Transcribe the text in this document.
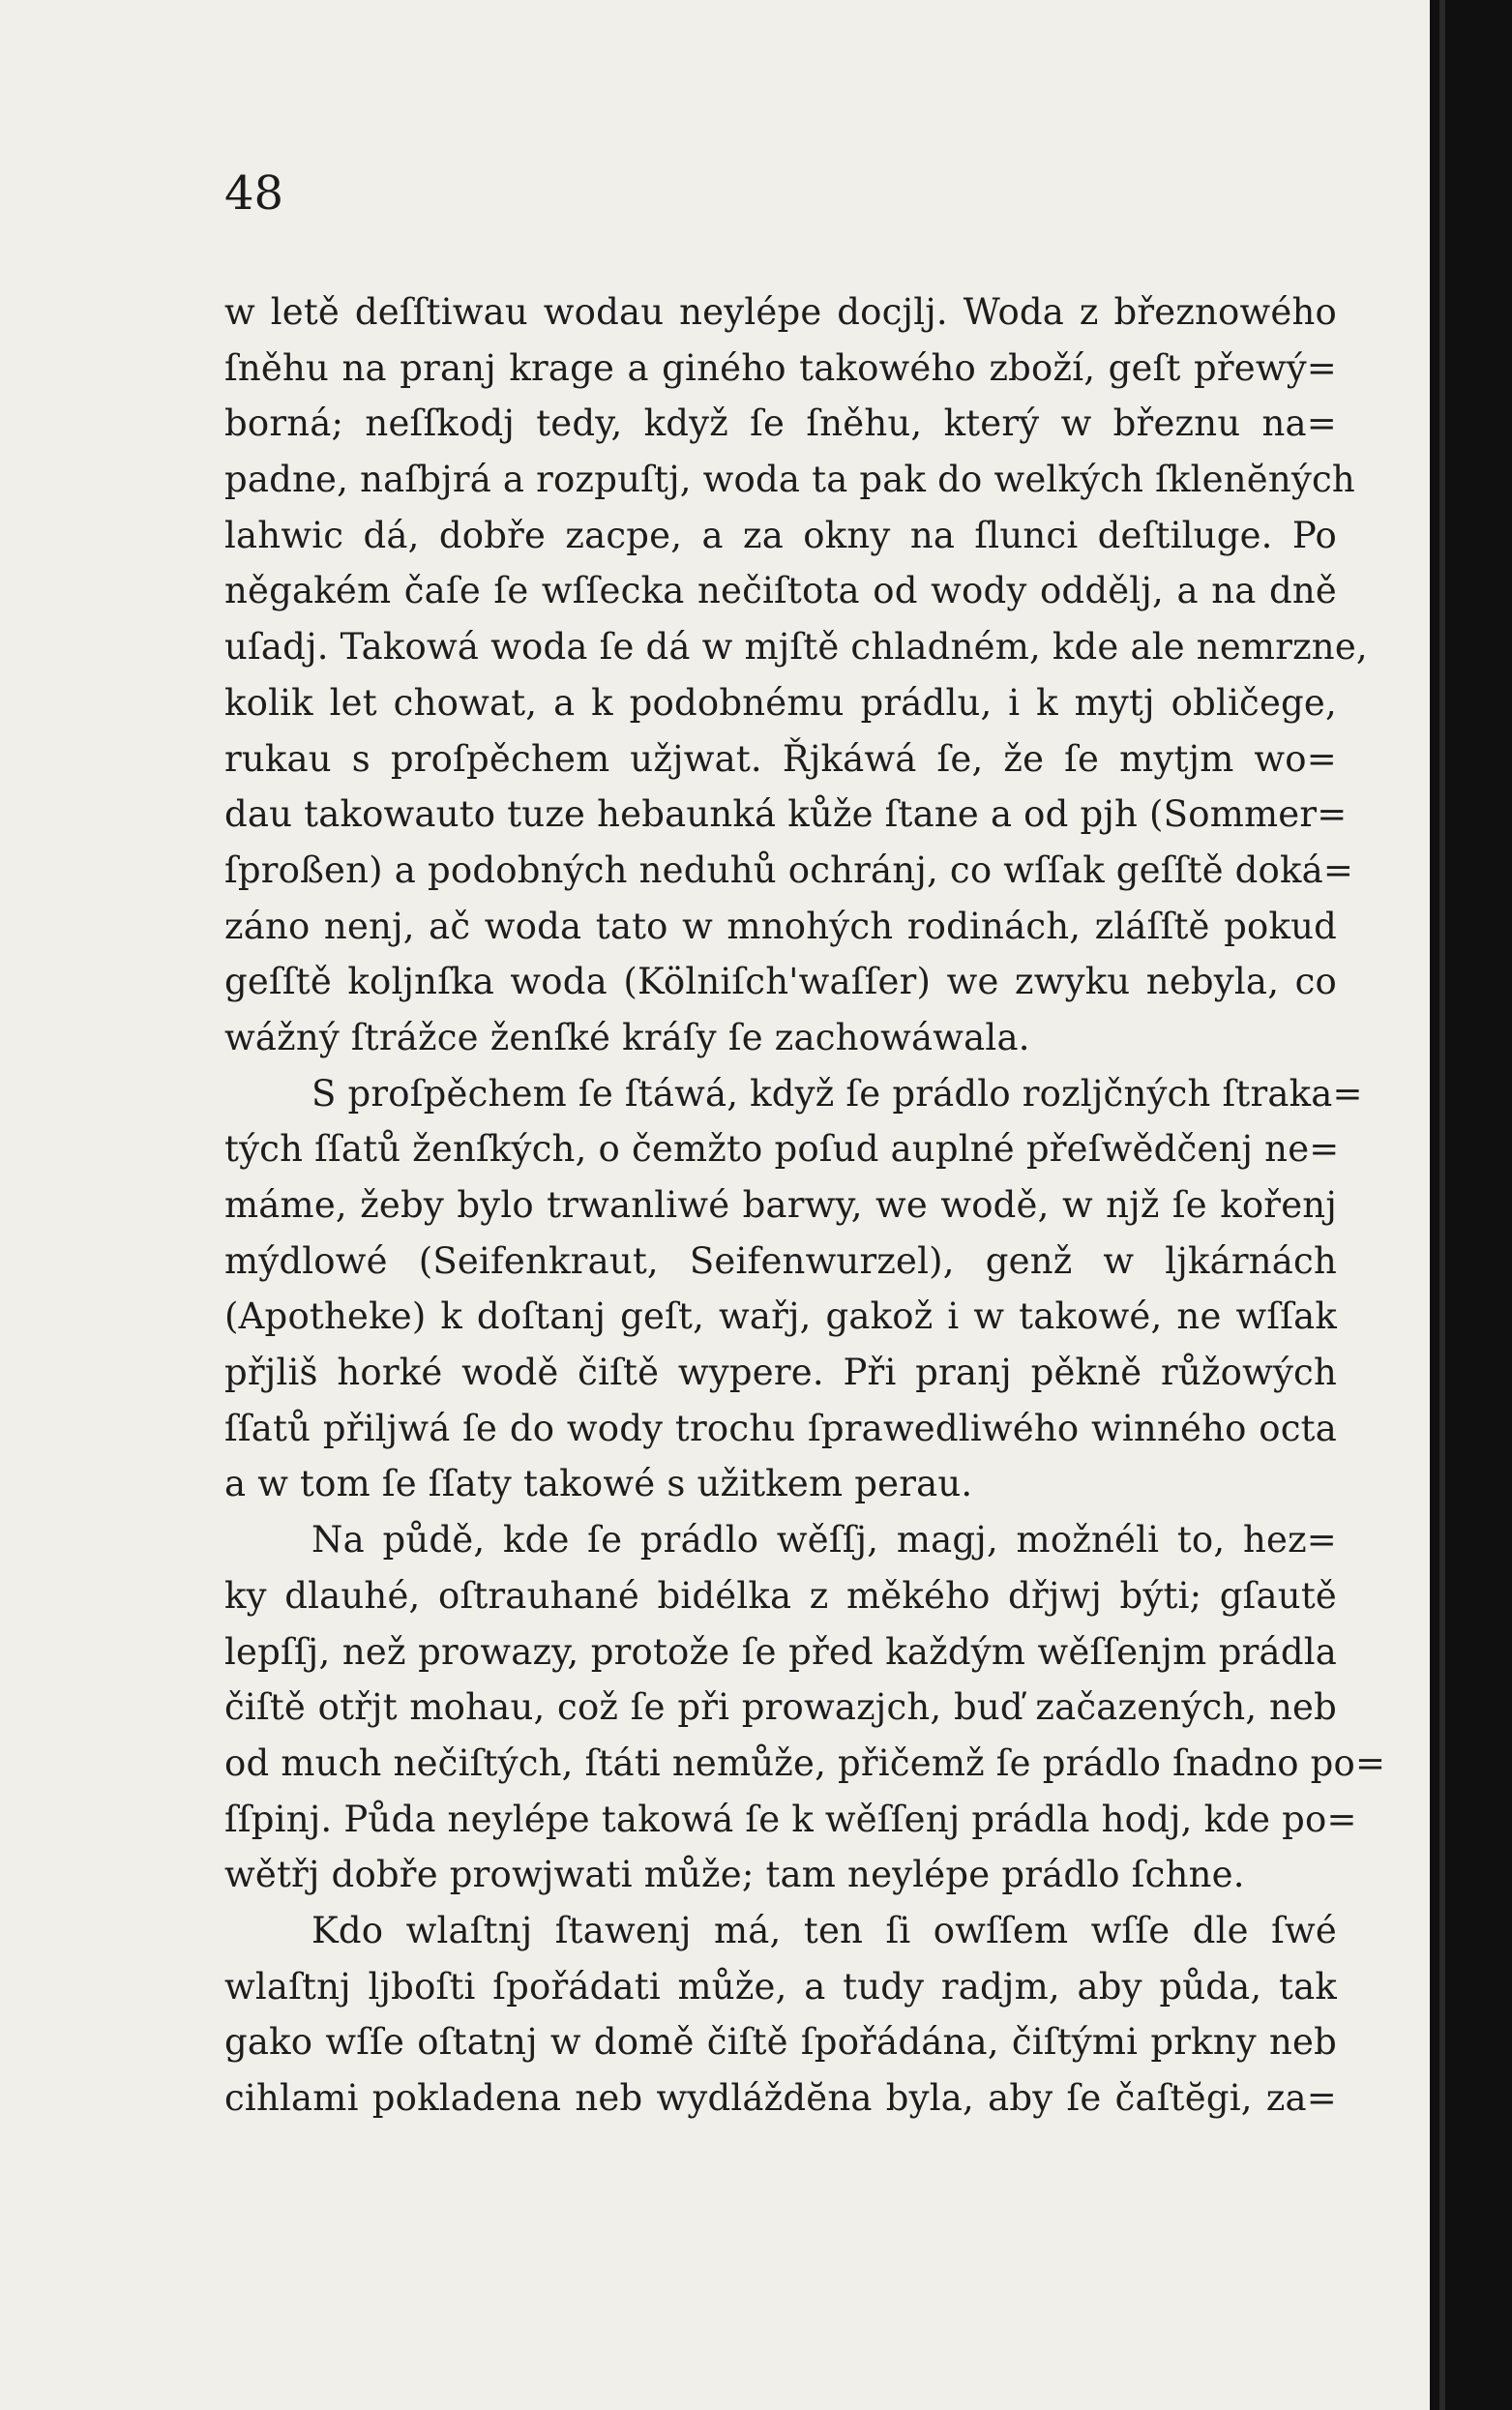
48
w letě deſſtiwau wodau neylépe docjlj. Woda z březnowého
ſněhu na pranj krage a giného takowého zboží, geſt přewý=
borná; neſſkodj tedy, když ſe ſněhu, který w březnu na=
padne, naſbjrá a rozpuſtj, woda ta pak do welkých ſklenĕných
lahwic dá, dobře zacpe, a za okny na ſlunci deſtiluge. Po
něgakém čaſe ſe wſſecka nečiſtota od wody oddělj, a na dně
uſadj. Takowá woda ſe dá w mjſtě chladném, kde ale nemrzne,
kolik let chowat, a k podobnému prádlu, i k mytj obličege,
rukau s proſpěchem užjwat. Řjkáwá ſe, že ſe mytjm wo=
dau takowauto tuze hebaunká kůže ſtane a od pjh (Sommer=
ſproßen) a podobných neduhů ochránj, co wſſak geſſtě doká=
záno nenj, ač woda tato w mnohých rodinách, zláſſtě pokud
geſſtě koljnſka woda (Kölniſch'waſſer) we zwyku nebyla, co
wážný ſtrážce ženſké kráſy ſe zachowáwala.
S proſpěchem ſe ſtáwá, když ſe prádlo rozljčných ſtraka=
tých ſſatů ženſkých, o čemžto poſud auplné přeſwědčenj ne=
máme, žeby bylo trwanliwé barwy, we wodě, w njž ſe kořenj
mýdlowé (Seifenkraut, Seifenwurzel), genž w ljkárnách
(Apotheke) k doſtanj geſt, wařj, gakož i w takowé, ne wſſak
přjliš horké wodě čiſtě wypere. Při pranj pěkně růžowých
ſſatů přiljwá ſe do wody trochu ſprawedliwého winného octa
a w tom ſe ſſaty takowé s užitkem perau.
Na půdě, kde ſe prádlo wěſſj, magj, možnéli to, hez=
ky dlauhé, oſtrauhané bidélka z měkého dřjwj býti; gſautě
lepſſj, než prowazy, protože ſe před každým wěſſenjm prádla
čiſtě otřjt mohau, což ſe při prowazjch, buď začazených, neb
od much nečiſtých, ſtáti nemůže, přičemž ſe prádlo ſnadno po=
ſſpinj. Půda neylépe takowá ſe k wěſſenj prádla hodj, kde po=
wětřj dobře prowjwati může; tam neylépe prádlo ſchne.
Kdo wlaſtnj ſtawenj má, ten ſi owſſem wſſe dle ſwé
wlaſtnj ljboſti ſpořádati může, a tudy radjm, aby půda, tak
gako wſſe oſtatnj w domě čiſtě ſpořádána, čiſtými prkny neb
cihlami pokladena neb wydláždĕna byla, aby ſe čaſtĕgi, za=
